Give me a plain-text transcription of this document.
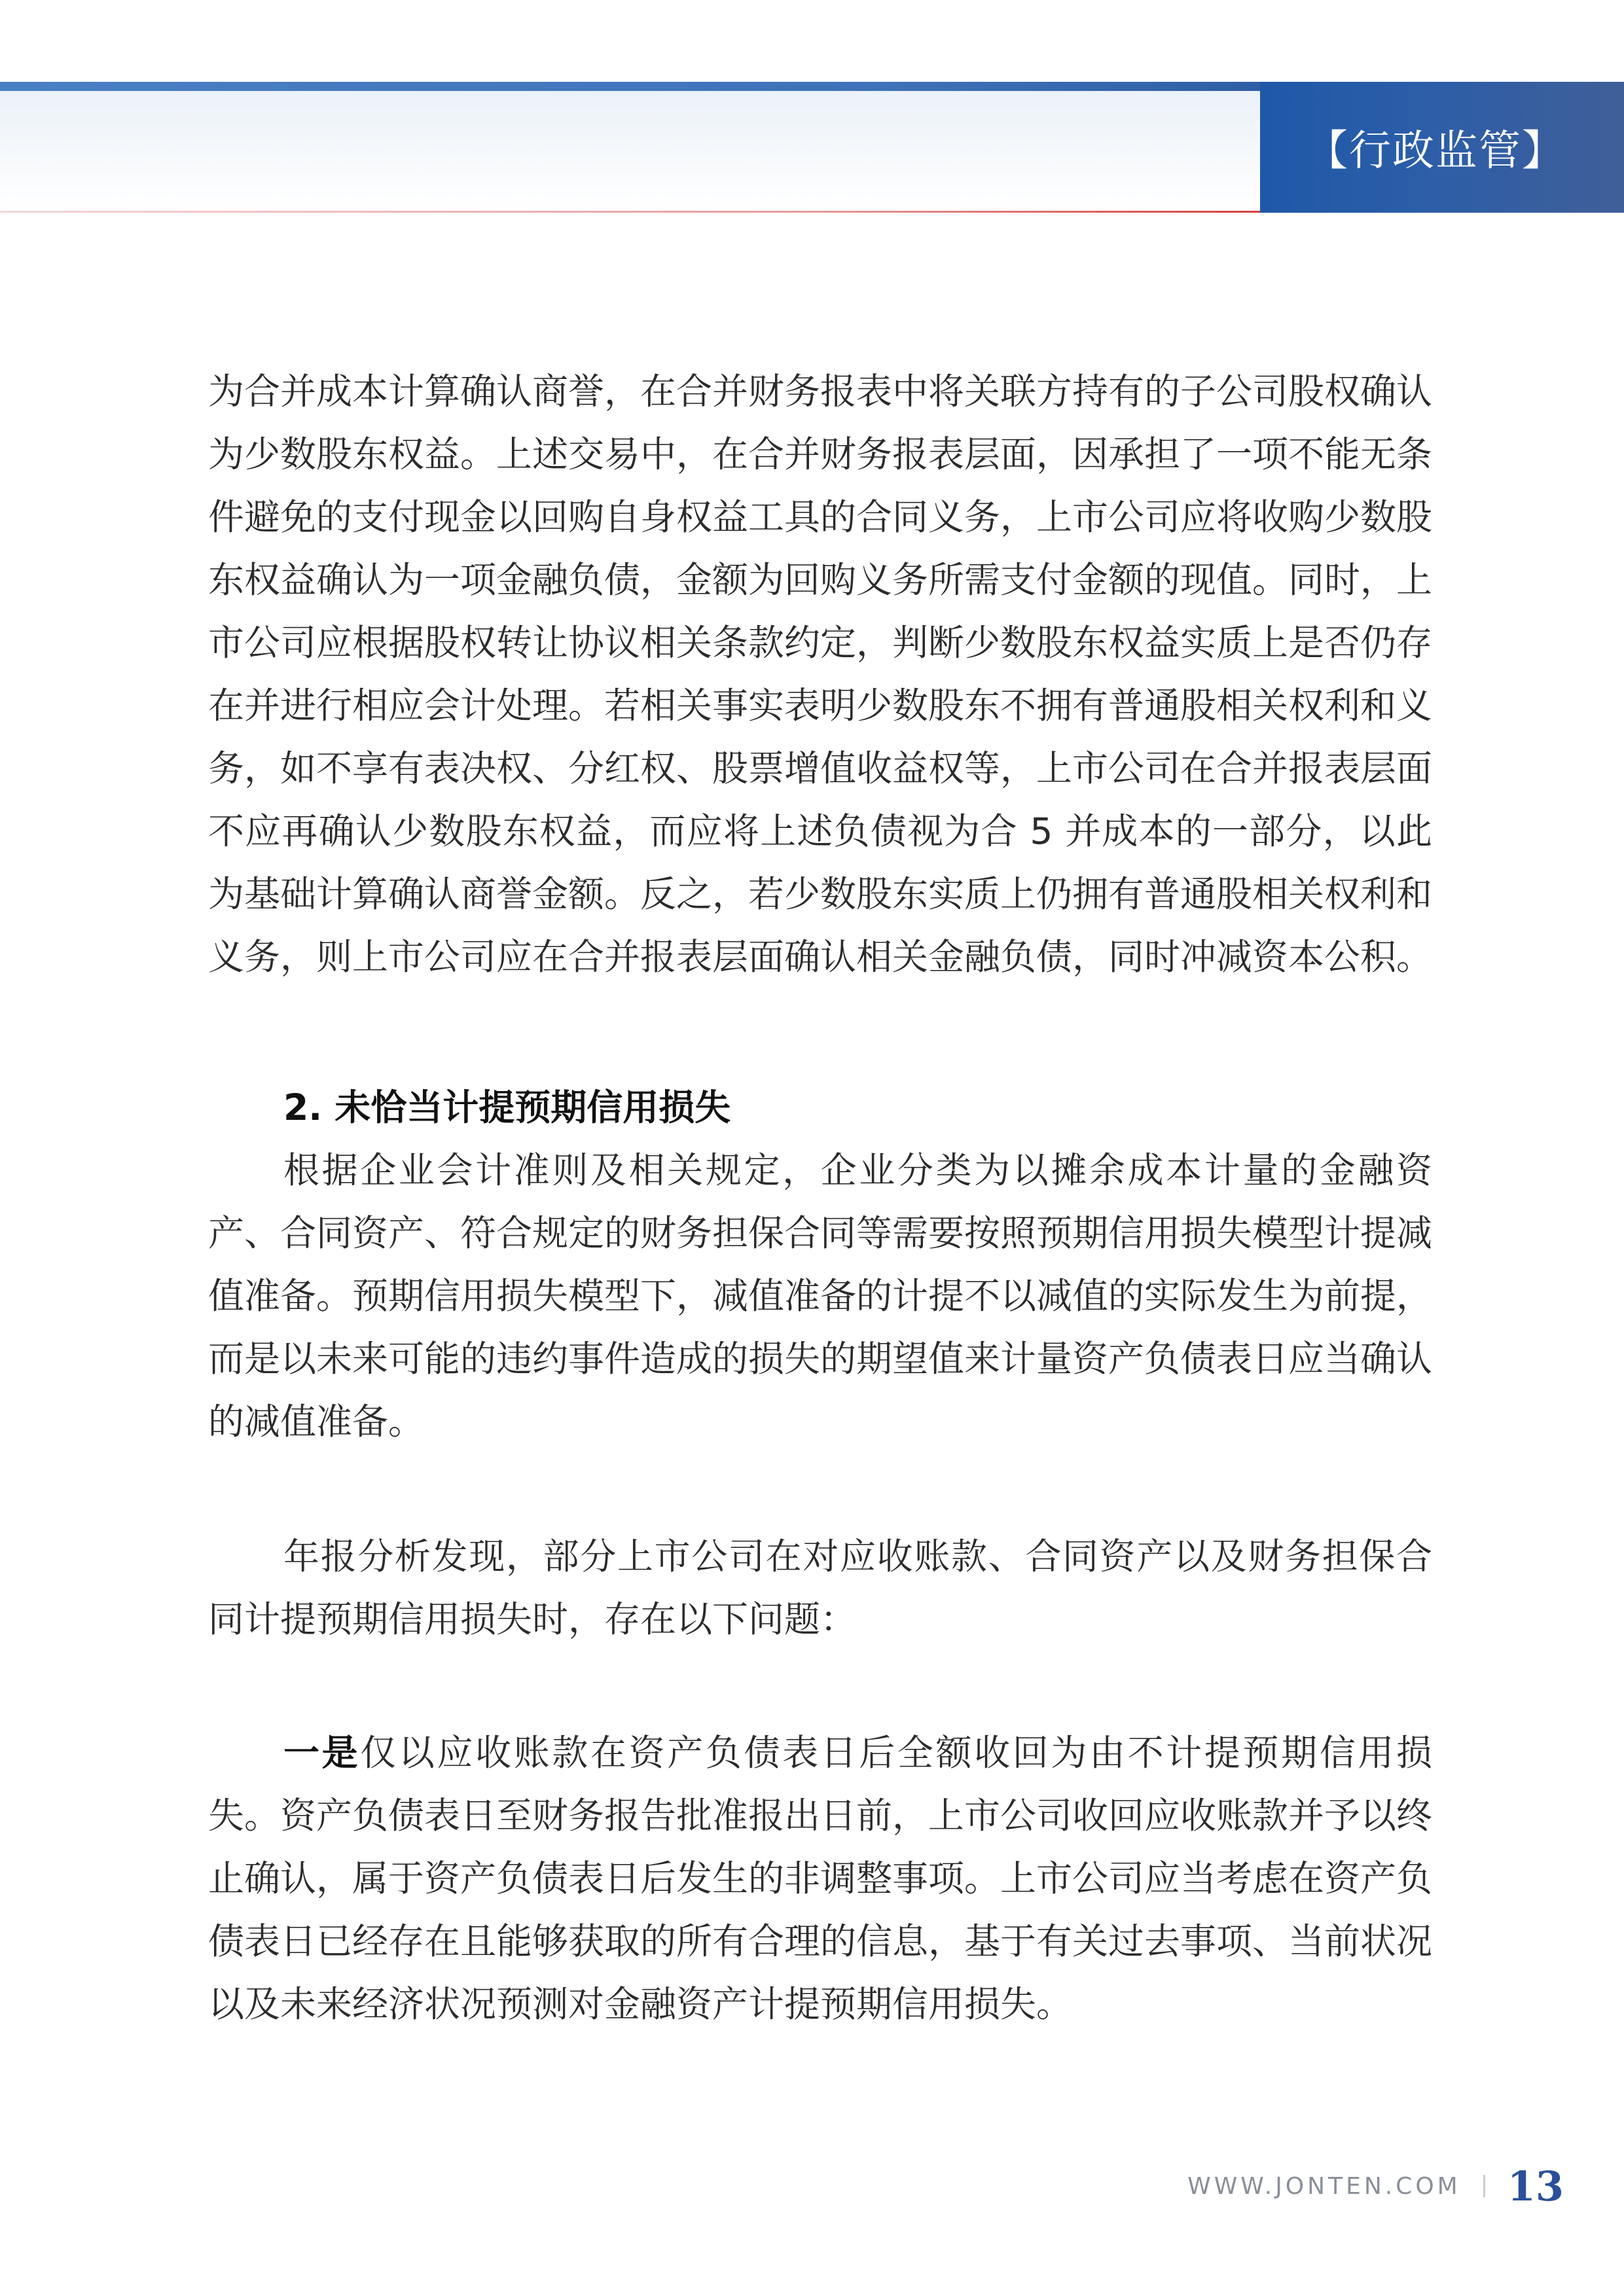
【行政监管】

为合并成本计算确认商誉，在合并财务报表中将关联方持有的子公司股权确认为少数股东权益。上述交易中，在合并财务报表层面，因承担了一项不能无条件避免的支付现金以回购自身权益工具的合同义务，上市公司应将收购少数股东权益确认为一项金融负债，金额为回购义务所需支付金额的现值。同时，上市公司应根据股权转让协议相关条款约定，判断少数股东权益实质上是否仍存在并进行相应会计处理。若相关事实表明少数股东不拥有普通股相关权利和义务，如不享有表决权、分红权、股票增值收益权等，上市公司在合并报表层面不应再确认少数股东权益，而应将上述负债视为合 5 并成本的一部分，以此为基础计算确认商誉金额。反之，若少数股东实质上仍拥有普通股相关权利和义务，则上市公司应在合并报表层面确认相关金融负债，同时冲减资本公积。

2. 未恰当计提预期信用损失

根据企业会计准则及相关规定，企业分类为以摊余成本计量的金融资产、合同资产、符合规定的财务担保合同等需要按照预期信用损失模型计提减值准备。预期信用损失模型下，减值准备的计提不以减值的实际发生为前提，而是以未来可能的违约事件造成的损失的期望值来计量资产负债表日应当确认的减值准备。

年报分析发现，部分上市公司在对应收账款、合同资产以及财务担保合同计提预期信用损失时，存在以下问题：

一是仅以应收账款在资产负债表日后全额收回为由不计提预期信用损失。资产负债表日至财务报告批准报出日前，上市公司收回应收账款并予以终止确认，属于资产负债表日后发生的非调整事项。上市公司应当考虑在资产负债表日已经存在且能够获取的所有合理的信息，基于有关过去事项、当前状况以及未来经济状况预测对金融资产计提预期信用损失。

WWW.JONTEN.COM 13
